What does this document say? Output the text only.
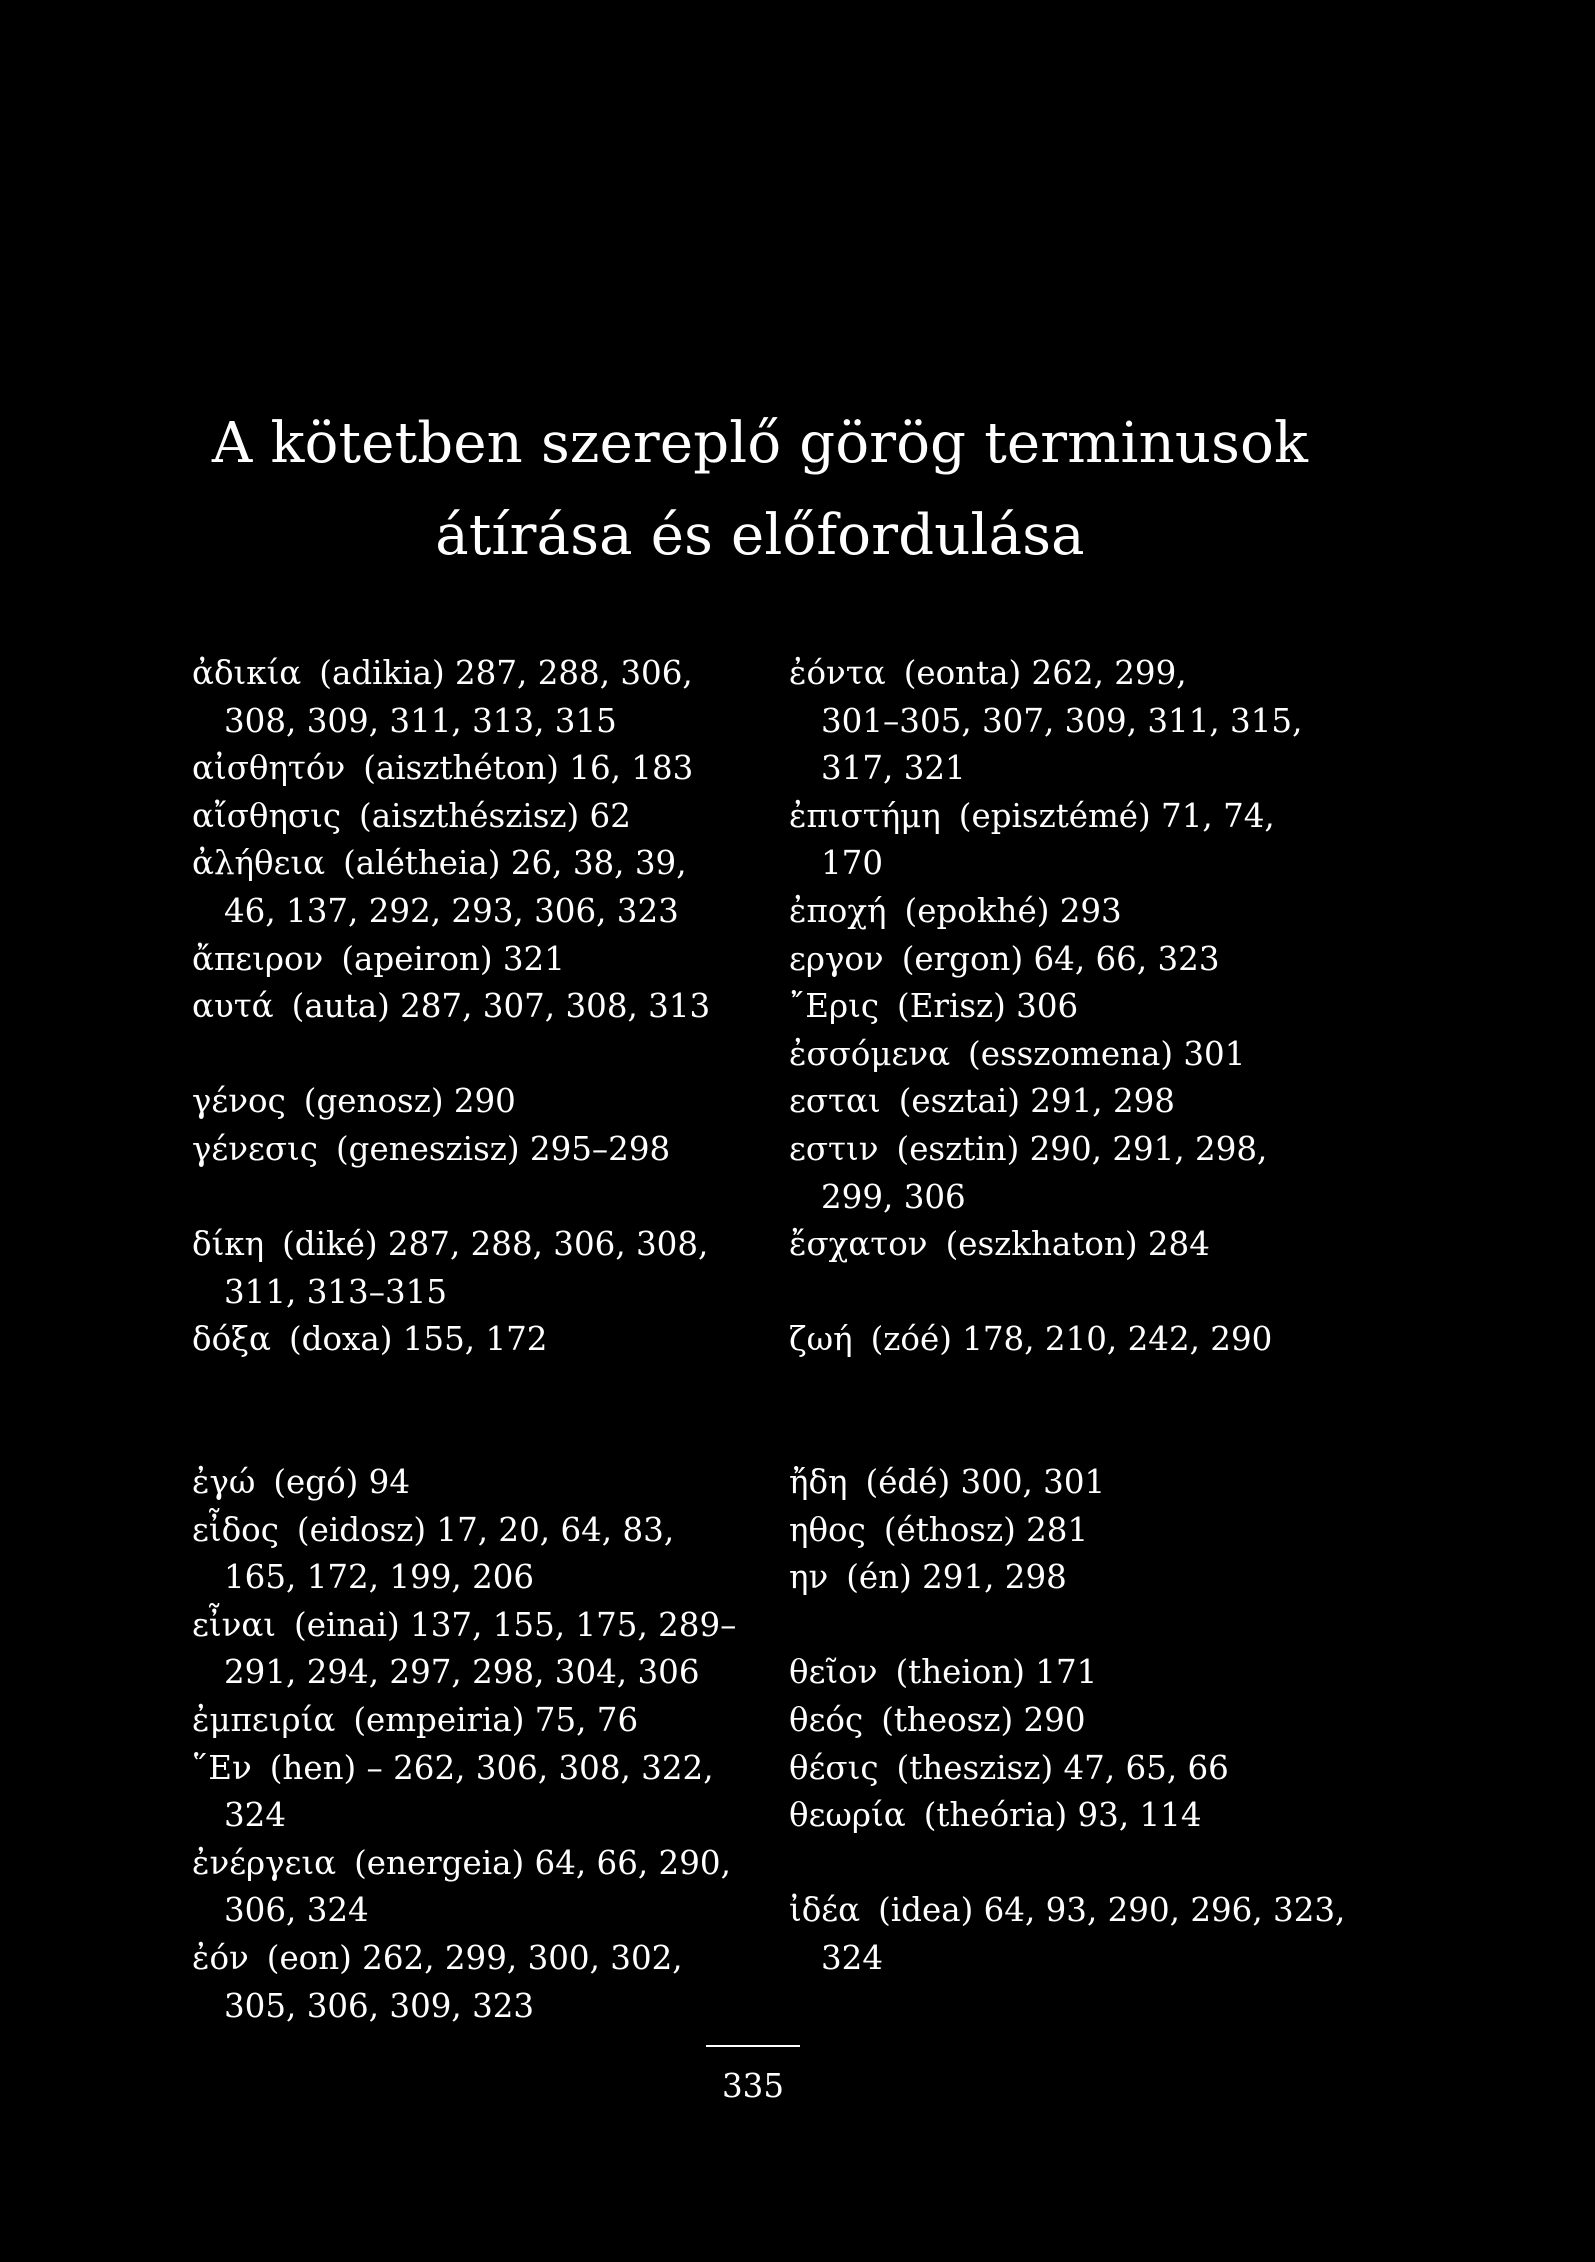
A kötetben szereplő görög terminusok
átírása és előfordulása
ἀδικία (adikia) 287, 288, 306,
308, 309, 311, 313, 315
αἰσθητόν (aiszthéton) 16, 183
αἴσθησις (aiszthészisz) 62
ἀλήθεια (alétheia) 26, 38, 39,
46, 137, 292, 293, 306, 323
ἄπειρον (apeiron) 321
αυτά (auta) 287, 307, 308, 313
γένος (genosz) 290
γένεσις (geneszisz) 295–298
δίκη (diké) 287, 288, 306, 308,
311, 313–315
δόξα (doxa) 155, 172
ἐγώ (egó) 94
εἶδος (eidosz) 17, 20, 64, 83,
165, 172, 199, 206
εἶναι (einai) 137, 155, 175, 289–
291, 294, 297, 298, 304, 306
ἐμπειρία (empeiria) 75, 76
῞Εν (hen) – 262, 306, 308, 322,
324
ἐνέργεια (energeia) 64, 66, 290,
306, 324
ἐόν (eon) 262, 299, 300, 302,
305, 306, 309, 323
ἐόντα (eonta) 262, 299,
301–305, 307, 309, 311, 315,
317, 321
ἐπιστήμη (episztémé) 71, 74,
170
ἐποχή (epokhé) 293
εργον (ergon) 64, 66, 323
῎Ερις (Erisz) 306
ἐσσόμενα (esszomena) 301
εσται (esztai) 291, 298
εστιν (esztin) 290, 291, 298,
299, 306
ἔσχατον (eszkhaton) 284
ζωή (zóé) 178, 210, 242, 290
ἤδη (édé) 300, 301
ηθος (éthosz) 281
ην (én) 291, 298
θεῖον (theion) 171
θεός (theosz) 290
θέσις (theszisz) 47, 65, 66
θεωρία (theória) 93, 114
ἰδέα (idea) 64, 93, 290, 296, 323,
324
335
